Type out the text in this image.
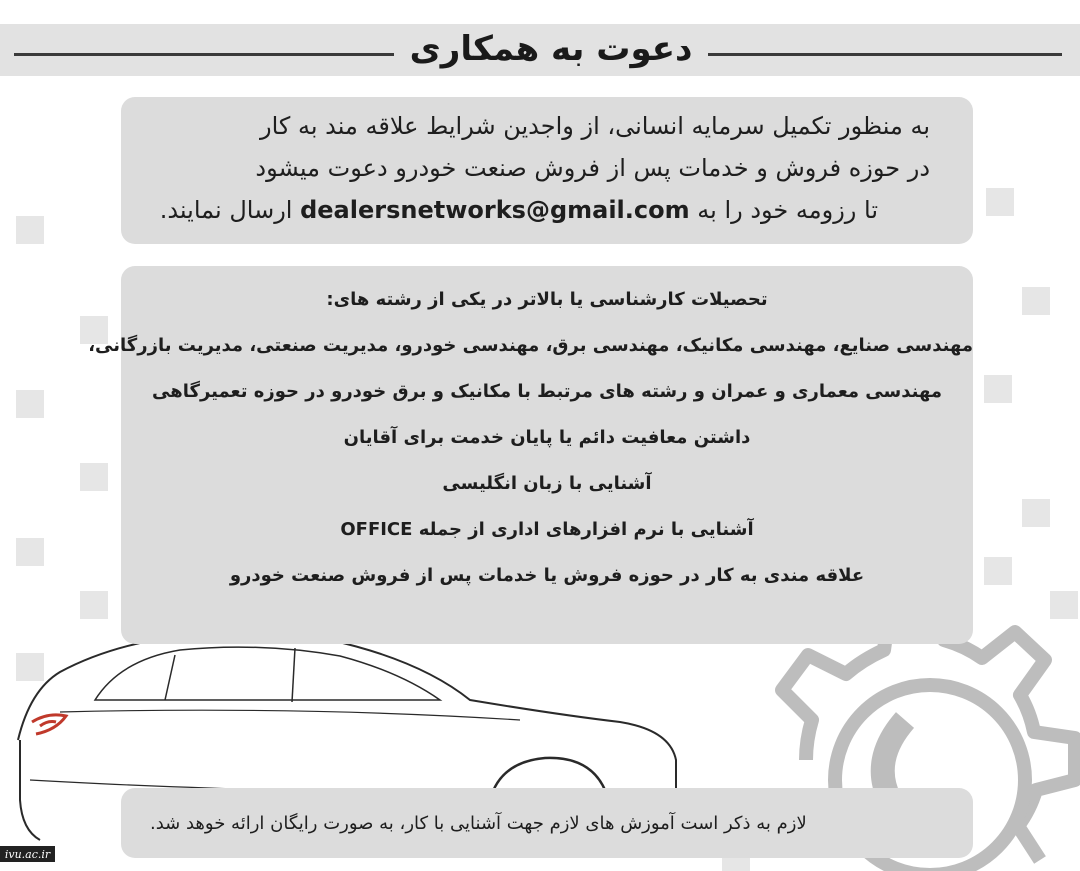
دعوت به همکاری
به منظور تکمیل سرمایه انسانی، از واجدین شرایط علاقه مند به کار
در حوزه فروش و خدمات پس از فروش صنعت خودرو دعوت میشود
تا رزومه خود را به dealersnetworks@gmail.com ارسال نمایند.
تحصیلات کارشناسی یا بالاتر در یکی از رشته های:
مهندسی صنایع، مهندسی مکانیک، مهندسی برق، مهندسی خودرو، مدیریت صنعتی، مدیریت بازرگانی،
مهندسی معماری و عمران و رشته های مرتبط با مکانیک و برق خودرو در حوزه تعمیرگاهی
داشتن معافیت دائم یا پایان خدمت برای آقایان
آشنایی با زبان انگلیسی
آشنایی با نرم افزارهای اداری از جمله OFFICE
علاقه مندی به کار در حوزه فروش یا خدمات پس از فروش صنعت خودرو
لازم به ذکر است آموزش های لازم جهت آشنایی با کار، به صورت رایگان ارائه خوهد شد.
ivu.ac.ir
